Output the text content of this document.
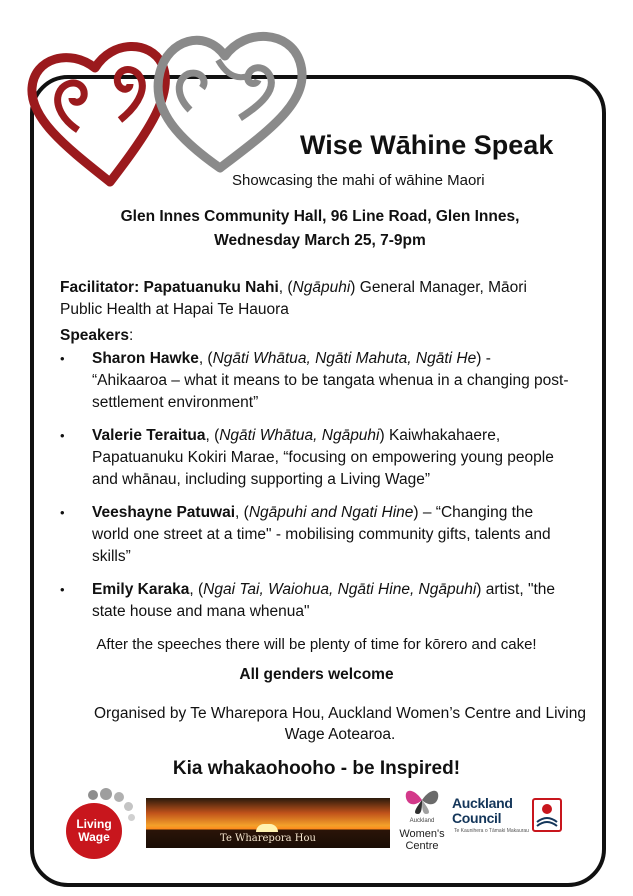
Wise Wāhine Speak
Showcasing the mahi of wāhine Maori
Glen Innes Community Hall, 96 Line Road, Glen Innes,
Wednesday March 25, 7-9pm
Facilitator: Papatuanuku Nahi, (Ngāpuhi) General Manager, Māori Public Health at Hapai Te Hauora
Speakers:
• Sharon Hawke, (Ngāti Whātua, Ngāti Mahuta, Ngāti He) - “Ahikaaroa – what it means to be tangata whenua in a changing post-settlement environment”
• Valerie Teraitua, (Ngāti Whātua, Ngāpuhi) Kaiwhakahaere, Papatuanuku Kokiri Marae, “focusing on empowering young people and whānau, including supporting a Living Wage”
• Veeshayne Patuwai, (Ngāpuhi and Ngati Hine) – “Changing the world one street at a time" - mobilising community gifts, talents and skills”
• Emily Karaka, (Ngai Tai, Waiohua, Ngāti Hine, Ngāpuhi) artist, "the state house and mana whenua"
After the speeches there will be plenty of time for kōrero and cake!
All genders welcome
Organised by Te Wharepora Hou, Auckland Women’s Centre and Living Wage Aotearoa.
Kia whakaohooho - be Inspired!
Living
Wage	Te Wharepora Hou
Auckland
Women's
Centre
Auckland Council
Te Kaunihera o Tāmaki Makaurau
